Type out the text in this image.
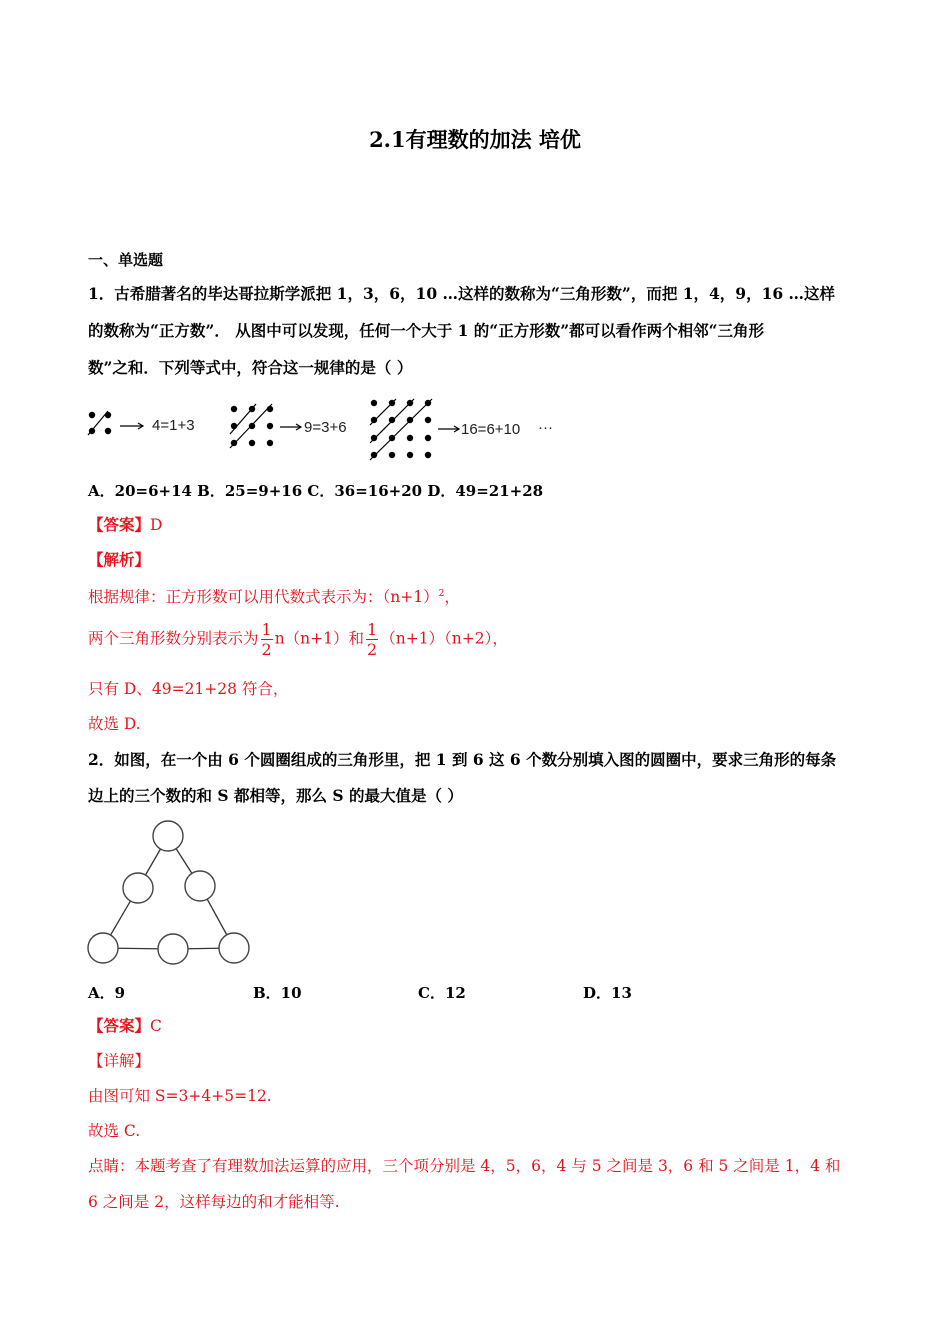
2.1有理数的加法 培优
一、单选题
1．古希腊著名的毕达哥拉斯学派把 1，3，6，10 …这样的数称为“三角形数”，而把 1，4，9，16 …这样
的数称为“正方数”． 从图中可以发现，任何一个大于 1 的“正方形数”都可以看作两个相邻“三角形
数”之和．下列等式中，符合这一规律的是（ ）
4=1+3	9=3+6	16=6+10 ···
A．20=6+14 B．25=9+16 C．36=16+20 D．49=21+28
【答案】D
【解析】
根据规律：正方形数可以用代数式表示为：$(n+1)^2$，
两个三角形数分别表示为 $\frac{1}{2} n(n+1)$和 $\frac{1}{2} (n+1)(n+2)$，
只有 D、49=21+28 符合，
故选 D.
2．如图，在一个由 6 个圆圈组成的三角形里，把 1 到 6 这 6 个数分别填入图的圆圈中，要求三角形的每条
边上的三个数的和 S 都相等，那么 S 的最大值是（ ）
A．9	B．10	C．12	D．13
【答案】C
【详解】
由图可知 S=3+4+5=12.
故选 C.
点睛：本题考查了有理数加法运算的应用，三个项分别是 4，5，6，4 与 5 之间是 3，6 和 5 之间是 1，4 和
6 之间是 2，这样每边的和才能相等.
